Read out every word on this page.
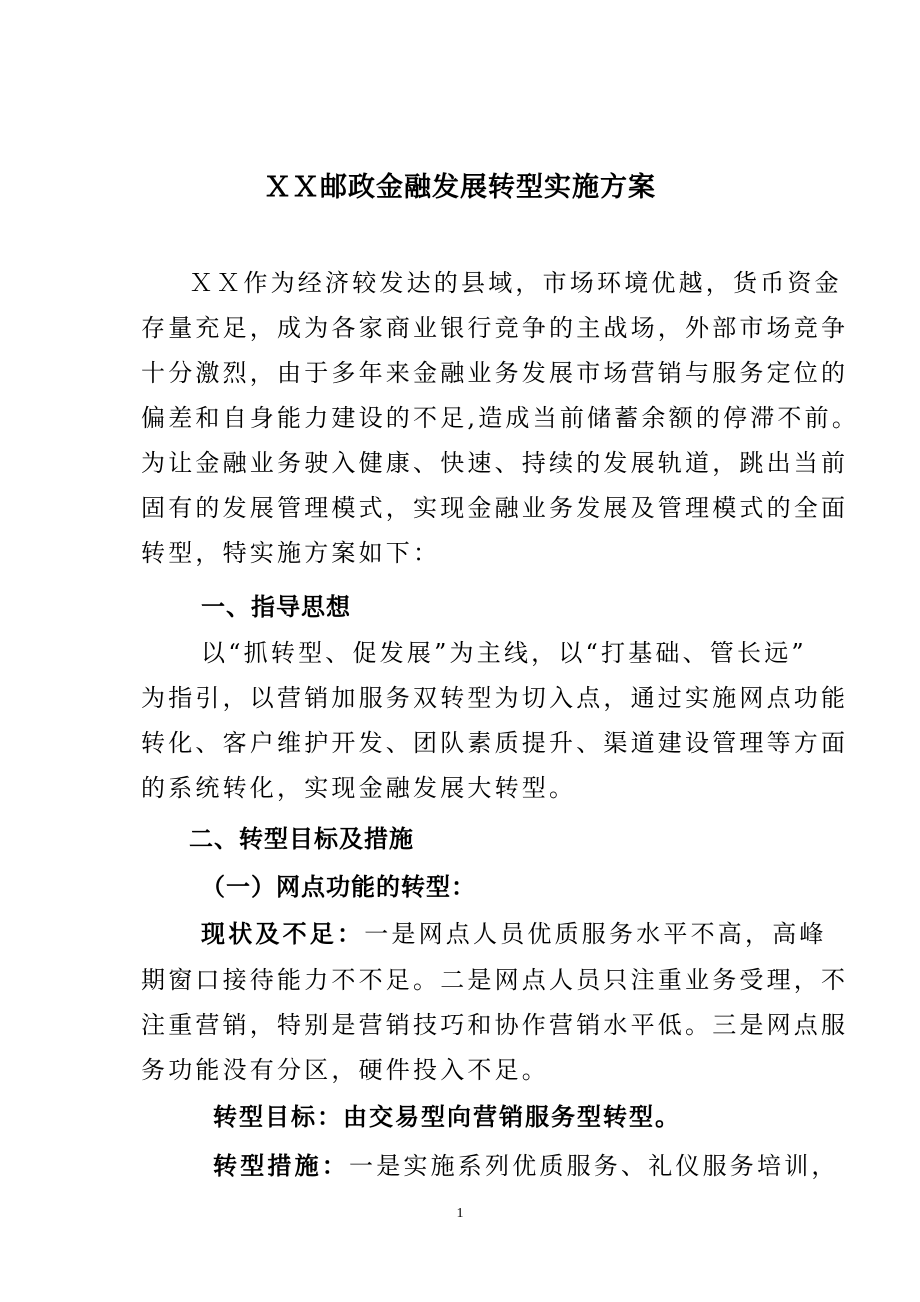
ＸＸ邮政金融发展转型实施方案
ＸＸ作为经济较发达的县域，市场环境优越，货币资金
存量充足，成为各家商业银行竞争的主战场，外部市场竞争
十分激烈，由于多年来金融业务发展市场营销与服务定位的
偏差和自身能力建设的不足,造成当前储蓄余额的停滞不前。
为让金融业务驶入健康、快速、持续的发展轨道，跳出当前
固有的发展管理模式，实现金融业务发展及管理模式的全面
转型，特实施方案如下：
一、指导思想
以“抓转型、促发展”为主线，以“打基础、管长远”
为指引，以营销加服务双转型为切入点，通过实施网点功能
转化、客户维护开发、团队素质提升、渠道建设管理等方面
的系统转化，实现金融发展大转型。
二、转型目标及措施
（一）网点功能的转型：
现状及不足：一是网点人员优质服务水平不高，高峰
期窗口接待能力不不足。二是网点人员只注重业务受理，不
注重营销，特别是营销技巧和协作营销水平低。三是网点服
务功能没有分区，硬件投入不足。
转型目标：由交易型向营销服务型转型。
转型措施：一是实施系列优质服务、礼仪服务培训，
1
